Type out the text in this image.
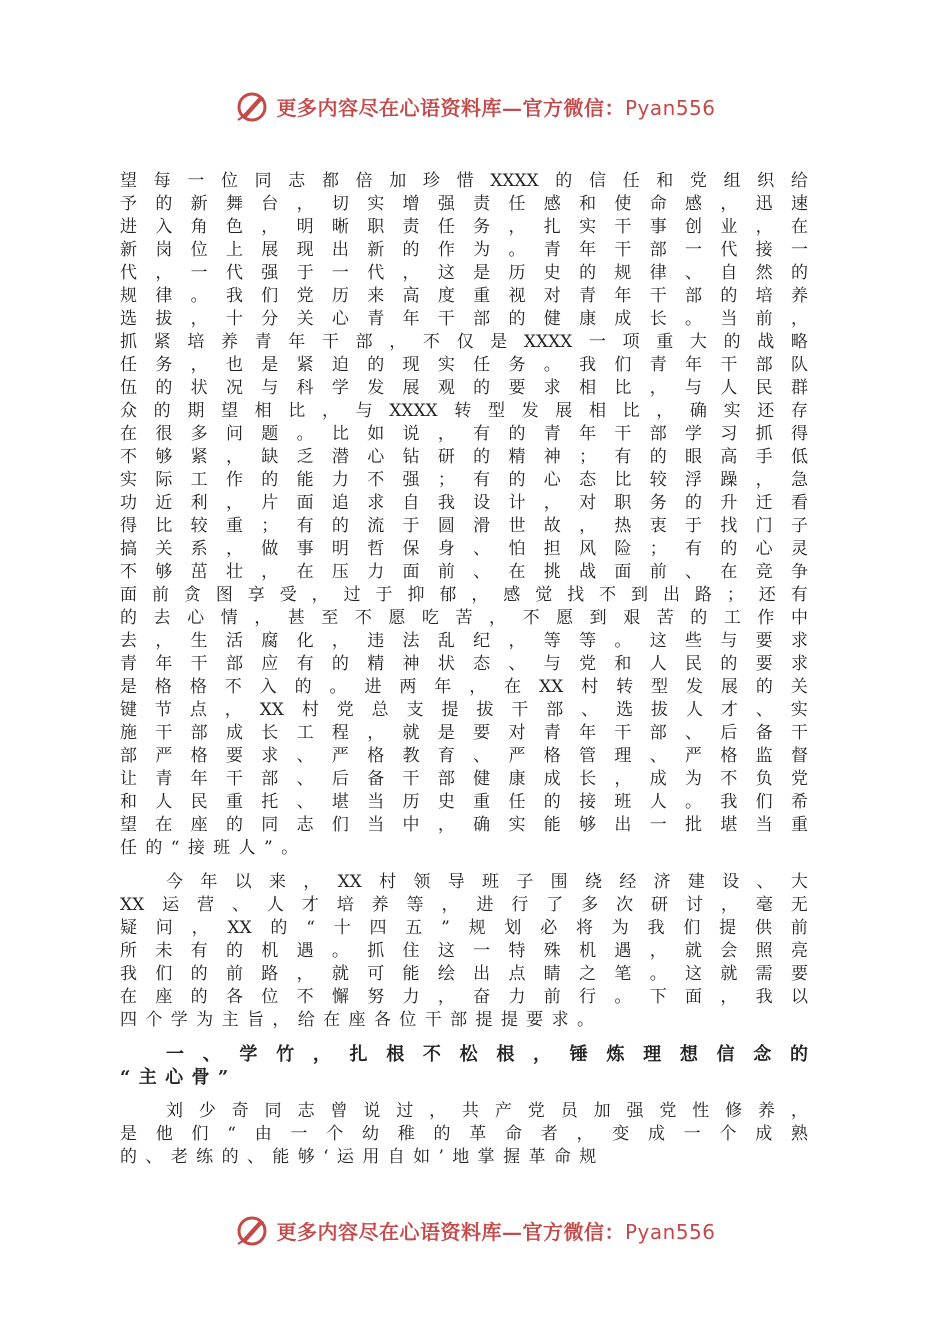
更多内容尽在心语资料库—官方微信：Pyan556
望 每 一 位 同 志 都 倍 加 珍 惜 XXXX 的 信 任 和 党 组 织 给
予 的 新 舞 台 ， 切 实 增 强 责 任 感 和 使 命 感 ， 迅 速
进 入 角 色 ， 明 晰 职 责 任 务 ， 扎 实 干 事 创 业 ， 在
新 岗 位 上 展 现 出 新 的 作 为 。 青 年 干 部 一 代 接 一
代 ， 一 代 强 于 一 代 ， 这 是 历 史 的 规 律 、 自 然 的
规 律 。 我 们 党 历 来 高 度 重 视 对 青 年 干 部 的 培 养
选 拔 ， 十 分 关 心 青 年 干 部 的 健 康 成 长 。 当 前 ，
抓 紧 培 养 青 年 干 部 ， 不 仅 是 XXXX 一 项 重 大 的 战 略
任 务 ， 也 是 紧 迫 的 现 实 任 务 。 我 们 青 年 干 部 队
伍 的 状 况 与 科 学 发 展 观 的 要 求 相 比 ， 与 人 民 群
众 的 期 望 相 比 ， 与 XXXX 转 型 发 展 相 比 ， 确 实 还 存
在 很 多 问 题 。 比 如 说 ， 有 的 青 年 干 部 学 习 抓 得
不 够 紧 ， 缺 乏 潜 心 钻 研 的 精 神 ； 有 的 眼 高 手 低
实 际 工 作 的 能 力 不 强 ； 有 的 心 态 比 较 浮 躁 ， 急
功 近 利 ， 片 面 追 求 自 我 设 计 ， 对 职 务 的 升 迁 看
得 比 较 重 ； 有 的 流 于 圆 滑 世 故 ， 热 衷 于 找 门 子
搞 关 系 ， 做 事 明 哲 保 身 、 怕 担 风 险 ； 有 的 心 灵
不 够 茁 壮 ， 在 压 力 面 前 、 在 挑 战 面 前 、 在 竞 争
面 前 贪 图 享 受 ， 过 于 抑 郁 ， 感 觉 找 不 到 出 路 ； 还 有
的 去 心 情 ， 甚 至 不 愿 吃 苦 ， 不 愿 到 艰 苦 的 工 作 中
去 ， 生 活 腐 化 ， 违 法 乱 纪 ， 等 等 。 这 些 与 要 求
青 年 干 部 应 有 的 精 神 状 态 、 与 党 和 人 民 的 要 求
是 格 格 不 入 的 。 进 两 年 ， 在 XX 村 转 型 发 展 的 关
键 节 点 ， XX 村 党 总 支 提 拔 干 部 、 选 拔 人 才 、 实
施 干 部 成 长 工 程 ， 就 是 要 对 青 年 干 部 、 后 备 干
部 严 格 要 求 、 严 格 教 育 、 严 格 管 理 、 严 格 监 督
让 青 年 干 部 、 后 备 干 部 健 康 成 长 ， 成 为 不 负 党
和 人 民 重 托 、 堪 当 历 史 重 任 的 接 班 人 。 我 们 希
望 在 座 的 同 志 们 当 中 ， 确 实 能 够 出 一 批 堪 当 重
任 的 “ 接 班 人 ” 。
今 年 以 来 ， XX 村 领 导 班 子 围 绕 经 济 建 设 、 大
XX 运 营 、 人 才 培 养 等 ， 进 行 了 多 次 研 讨 ， 毫 无
疑 问 ， XX 的 “ 十 四 五 ” 规 划 必 将 为 我 们 提 供 前
所 未 有 的 机 遇 。 抓 住 这 一 特 殊 机 遇 ， 就 会 照 亮
我 们 的 前 路 ， 就 可 能 绘 出 点 睛 之 笔 。 这 就 需 要
在 座 的 各 位 不 懈 努 力 ， 奋 力 前 行 。 下 面 ， 我 以
四 个 学 为 主 旨 ， 给 在 座 各 位 干 部 提 提 要 求 。
一 、 学 竹 ， 扎 根 不 松 根 ， 锤 炼 理 想 信 念 的
“ 主 心 骨 ”
刘 少 奇 同 志 曾 说 过 ， 共 产 党 员 加 强 党 性 修 养 ，
是 他 们 “ 由 一 个 幼 稚 的 革 命 者 ， 变 成 一 个 成 熟
的 、 老 练 的 、 能 够 ‘ 运 用 自 如 ’ 地 掌 握 革 命 规
更多内容尽在心语资料库—官方微信：Pyan556
